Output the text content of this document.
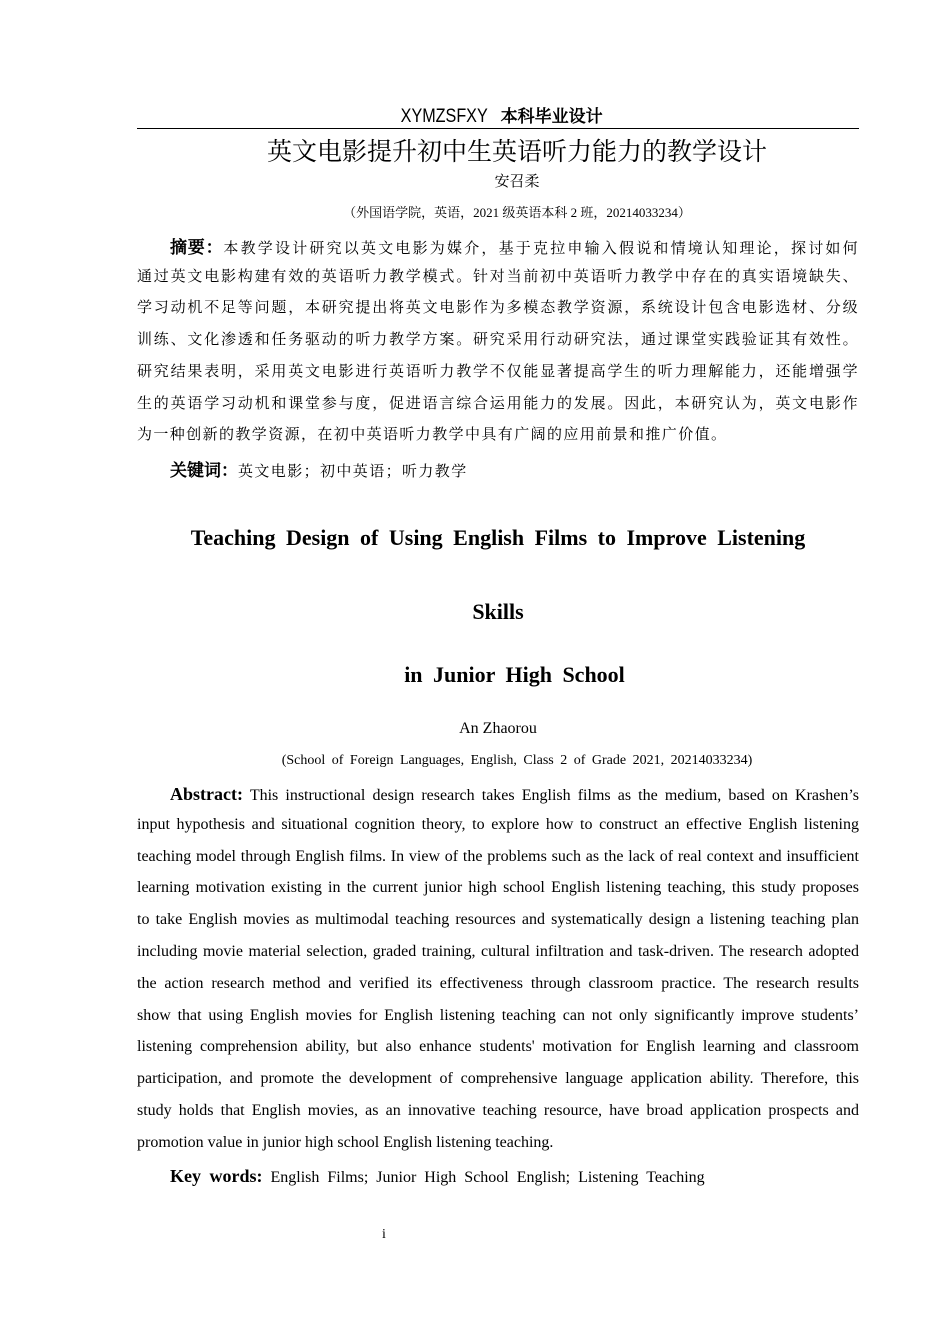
XYMZSFXY 本科毕业设计
英文电影提升初中生英语听力能力的教学设计
安召柔
（外国语学院，英语，2021 级英语本科 2 班，20214033234）
摘要：本教学设计研究以英文电影为媒介，基于克拉申输入假说和情境认知理论，探讨如何
通过英文电影构建有效的英语听力教学模式。针对当前初中英语听力教学中存在的真实语境缺失、
学习动机不足等问题，本研究提出将英文电影作为多模态教学资源，系统设计包含电影选材、分级
训练、文化渗透和任务驱动的听力教学方案。研究采用行动研究法，通过课堂实践验证其有效性。
研究结果表明，采用英文电影进行英语听力教学不仅能显著提高学生的听力理解能力，还能增强学
生的英语学习动机和课堂参与度，促进语言综合运用能力的发展。因此，本研究认为，英文电影作
为一种创新的教学资源，在初中英语听力教学中具有广阔的应用前景和推广价值。
关键词：英文电影；初中英语；听力教学
Teaching Design of Using English Films to Improve Listening
Skills
in Junior High School
An Zhaorou
(School of Foreign Languages, English, Class 2 of Grade 2021, 20214033234)
Abstract: This instructional design research takes English films as the medium, based on Krashen’s
input hypothesis and situational cognition theory, to explore how to construct an effective English listening
teaching model through English films. In view of the problems such as the lack of real context and insufficient
learning motivation existing in the current junior high school English listening teaching, this study proposes
to take English movies as multimodal teaching resources and systematically design a listening teaching plan
including movie material selection, graded training, cultural infiltration and task-driven. The research adopted
the action research method and verified its effectiveness through classroom practice. The research results
show that using English movies for English listening teaching can not only significantly improve students’
listening comprehension ability, but also enhance students' motivation for English learning and classroom
participation, and promote the development of comprehensive language application ability. Therefore, this
study holds that English movies, as an innovative teaching resource, have broad application prospects and
promotion value in junior high school English listening teaching.
Key words: English Films; Junior High School English; Listening Teaching
i
